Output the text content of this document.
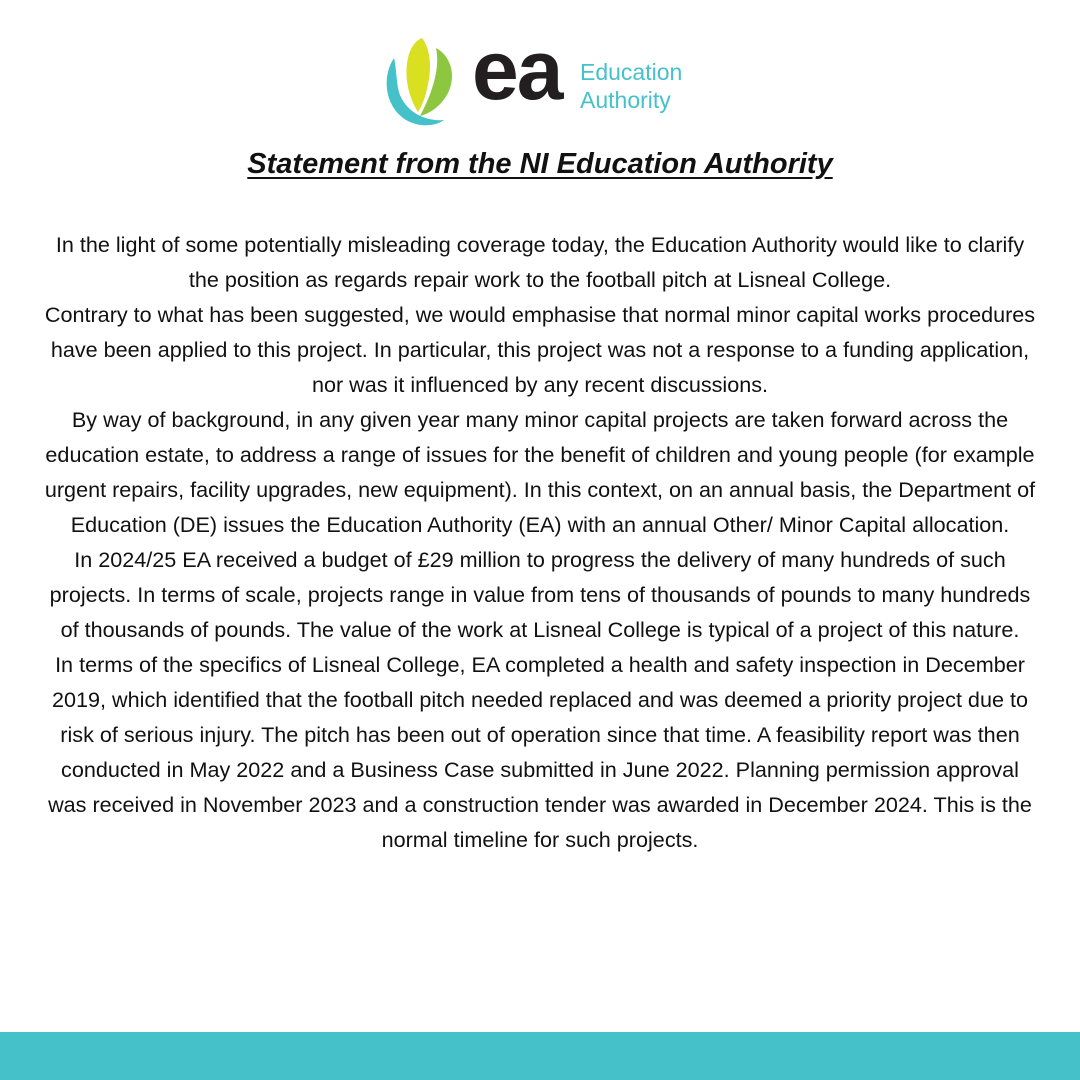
ea Education
Authority
Statement from the NI Education Authority

In the light of some potentially misleading coverage today, the Education Authority would like to clarify the position as regards repair work to the football pitch at Lisneal College.

Contrary to what has been suggested, we would emphasise that normal minor capital works procedures have been applied to this project. In particular, this project was not a response to a funding application, nor was it influenced by any recent discussions.

By way of background, in any given year many minor capital projects are taken forward across the education estate, to address a range of issues for the benefit of children and young people (for example urgent repairs, facility upgrades, new equipment). In this context, on an annual basis, the Department of Education (DE) issues the Education Authority (EA) with an annual Other/ Minor Capital allocation.

In 2024/25 EA received a budget of £29 million to progress the delivery of many hundreds of such projects. In terms of scale, projects range in value from tens of thousands of pounds to many hundreds of thousands of pounds. The value of the work at Lisneal College is typical of a project of this nature.

In terms of the specifics of Lisneal College, EA completed a health and safety inspection in December 2019, which identified that the football pitch needed replaced and was deemed a priority project due to risk of serious injury. The pitch has been out of operation since that time. A feasibility report was then conducted in May 2022 and a Business Case submitted in June 2022. Planning permission approval was received in November 2023 and a construction tender was awarded in December 2024. This is the normal timeline for such projects.
